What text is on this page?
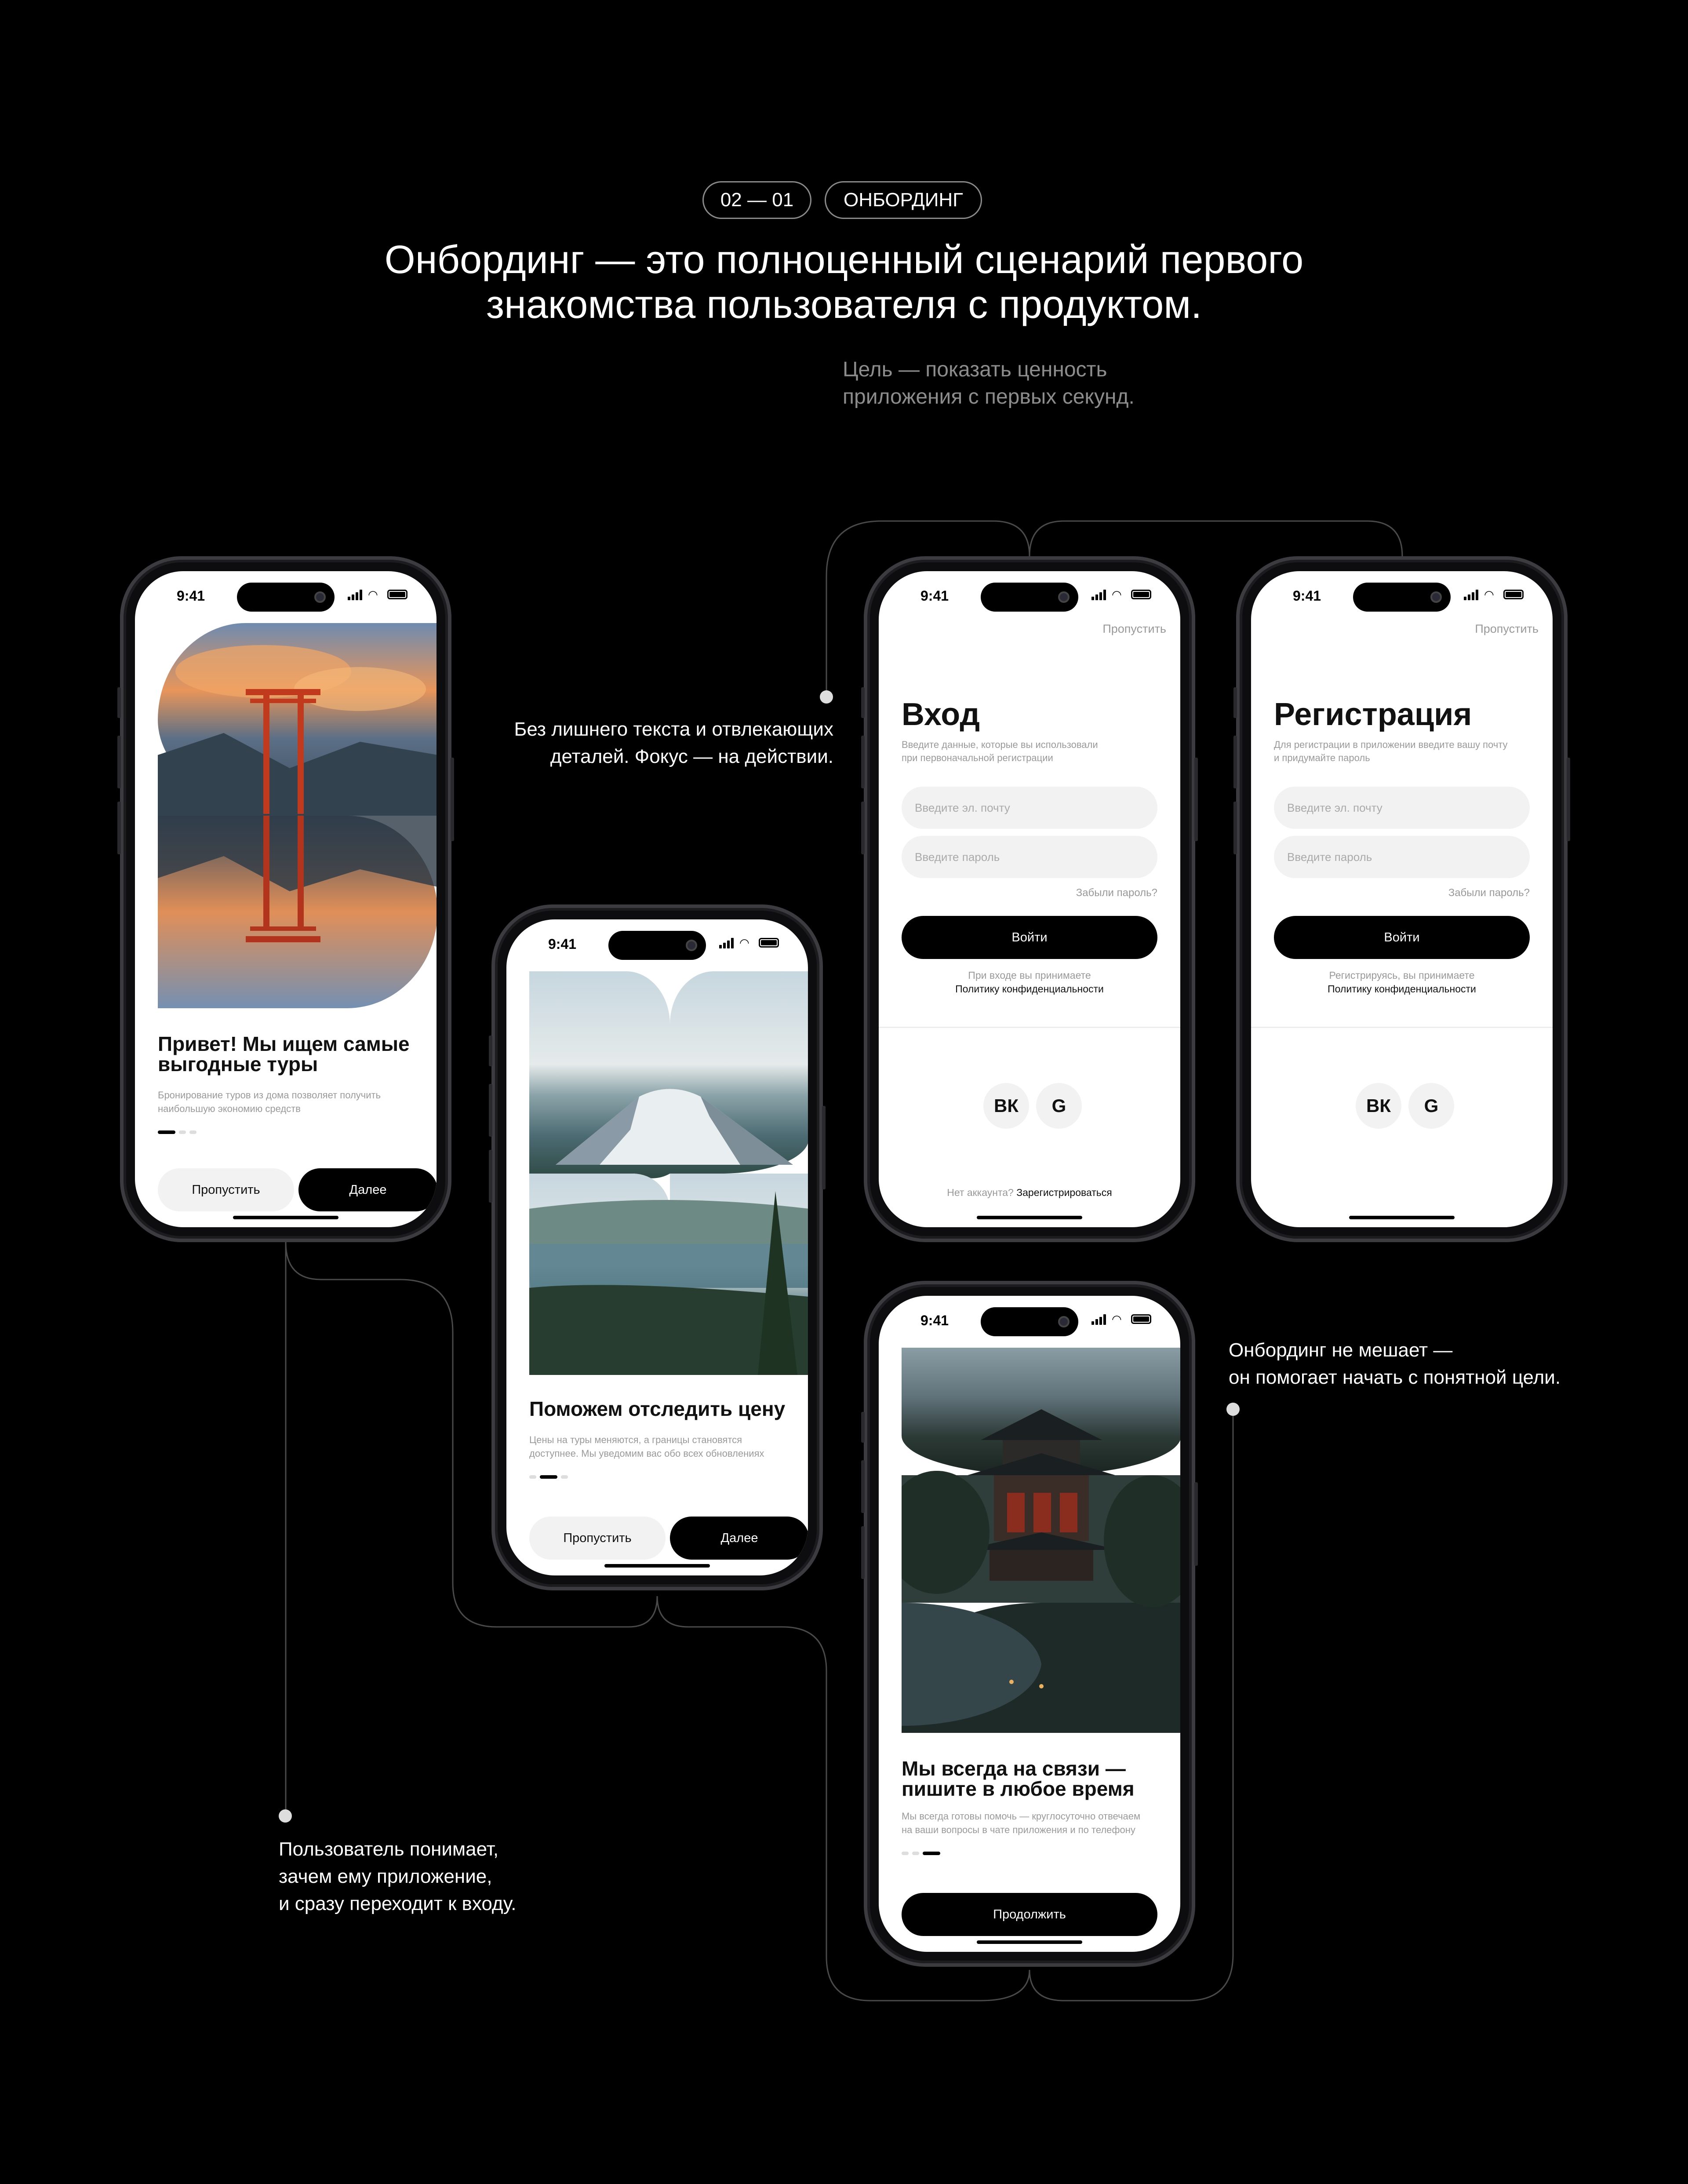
02 — 01	ОНБОРДИНГ
Онбординг — это полноценный сценарий первого
знакомства пользователя с продуктом.
Цель — показать ценность
приложения с первых секунд.
Без лишнего текста и отвлекающих
деталей. Фокус — на действии.
Онбординг не мешает —
он помогает начать с понятной цели.
Пользователь понимает,
зачем ему приложение,
и сразу переходит к входу.
9:41	◠
Привет! Мы ищем самые
выгодные туры
Бронирование туров из дома позволяет получить
наибольшую экономию средств
Пропустить	Далее
9:41	◠
Поможем отследить цену
Цены на туры меняются, а границы становятся
доступнее. Мы уведомим вас обо всех обновлениях
Пропустить	Далее
9:41	◠
Пропустить
Вход
Введите данные, которые вы использовали
при первоначальной регистрации
Введите эл. почту
Введите пароль
Забыли пароль?
Войти
При входе вы принимаете
Политику конфиденциальности
ВК	G
Нет аккаунта? Зарегистрироваться
9:41	◠
Пропустить
Регистрация
Для регистрации в приложении введите вашу почту
и придумайте пароль
Введите эл. почту
Введите пароль
Забыли пароль?
Войти
Регистрируясь, вы принимаете
Политику конфиденциальности
ВК	G
9:41	◠
Мы всегда на связи —
пишите в любое время
Мы всегда готовы помочь — круглосуточно отвечаем
на ваши вопросы в чате приложения и по телефону
Продолжить
